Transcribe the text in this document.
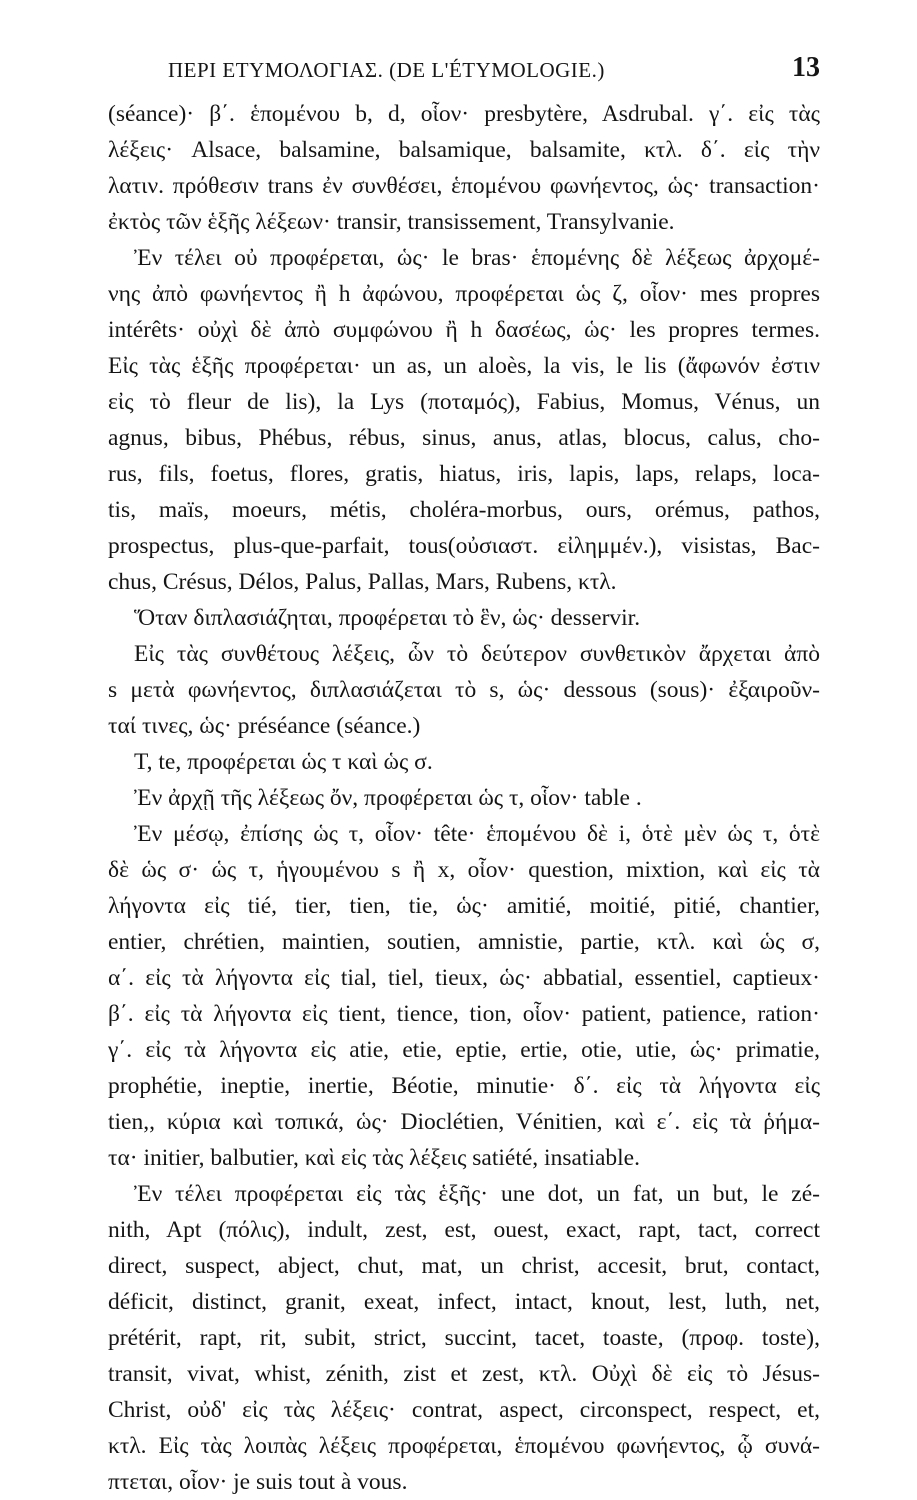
ΠΕΡΙ ΕΤΥΜΟΛΟΓΙΑΣ. (DE L'ÉTYMOLOGIE.)	13
(séance)· β΄. ἑπομένου b, d, οἷον· presbytère, Asdrubal. γ΄. εἰς τὰς
λέξεις· Alsace, balsamine, balsamique, balsamite, κτλ. δ΄. εἰς τὴν
λατιν. πρόθεσιν trans ἐν συνθέσει, ἑπομένου φωνήεντος, ὡς· transaction·
ἐκτὸς τῶν ἑξῆς λέξεων· transir, transissement, Transylvanie.
Ἐν τέλει οὐ προφέρεται, ὡς· le bras· ἑπομένης δὲ λέξεως ἀρχομέ-
νης ἀπὸ φωνήεντος ἢ h ἀφώνου, προφέρεται ὡς ζ, οἷον· mes propres
intérêts· οὐχὶ δὲ ἀπὸ συμφώνου ἢ h δασέως, ὡς· les propres termes.
Εἰς τὰς ἑξῆς προφέρεται· un as, un aloès, la vis, le lis (ἄφωνόν ἐστιν
εἰς τὸ fleur de lis), la Lys (ποταμός), Fabius, Momus, Vénus, un
agnus, bibus, Phébus, rébus, sinus, anus, atlas, blocus, calus, cho-
rus, fils, foetus, flores, gratis, hiatus, iris, lapis, laps, relaps, loca-
tis, maïs, moeurs, métis, choléra-morbus, ours, orémus, pathos,
prospectus, plus-que-parfait, tous(οὐσιαστ. εἰλημμέν.), visistas, Bac-
chus, Crésus, Délos, Palus, Pallas, Mars, Rubens, κτλ.
Ὅταν διπλασιάζηται, προφέρεται τὸ ἓν, ὡς· desservir.
Εἰς τὰς συνθέτους λέξεις, ὧν τὸ δεύτερον συνθετικὸν ἄρχεται ἀπὸ
s μετὰ φωνήεντος, διπλασιάζεται τὸ s, ὡς· dessous (sous)· ἐξαιροῦν-
ταί τινες, ὡς· préséance (séance.)
T, te, προφέρεται ὡς τ καὶ ὡς σ.
Ἐν ἀρχῇ τῆς λέξεως ὄν, προφέρεται ὡς τ, οἷον· table .
Ἐν μέσῳ, ἐπίσης ὡς τ, οἷον· tête· ἑπομένου δὲ i, ὁτὲ μὲν ὡς τ, ὁτὲ
δὲ ὡς σ· ὡς τ, ἡγουμένου s ἢ x, οἷον· question, mixtion, καὶ εἰς τὰ
λήγοντα εἰς tié, tier, tien, tie, ὡς· amitié, moitié, pitié, chantier,
entier, chrétien, maintien, soutien, amnistie, partie, κτλ. καὶ ὡς σ,
α΄. εἰς τὰ λήγοντα εἰς tial, tiel, tieux, ὡς· abbatial, essentiel, captieux·
β΄. εἰς τὰ λήγοντα εἰς tient, tience, tion, οἷον· patient, patience, ration·
γ΄. εἰς τὰ λήγοντα εἰς atie, etie, eptie, ertie, otie, utie, ὡς· primatie,
prophétie, ineptie, inertie, Béotie, minutie· δ΄. εἰς τὰ λήγοντα εἰς
tien,, κύρια καὶ τοπικά, ὡς· Dioclétien, Vénitien, καὶ ε΄. εἰς τὰ ῥήμα-
τα· initier, balbutier, καὶ εἰς τὰς λέξεις satiété, insatiable.
Ἐν τέλει προφέρεται εἰς τὰς ἑξῆς· une dot, un fat, un but, le zé-
nith, Apt (πόλις), indult, zest, est, ouest, exact, rapt, tact, correct
direct, suspect, abject, chut, mat, un christ, accesit, brut, contact,
déficit, distinct, granit, exeat, infect, intact, knout, lest, luth, net,
prétérit, rapt, rit, subit, strict, succint, tacet, toaste, (προφ. toste),
transit, vivat, whist, zénith, zist et zest, κτλ. Οὐχὶ δὲ εἰς τὸ Jésus-
Christ, οὐδ' εἰς τὰς λέξεις· contrat, aspect, circonspect, respect, et,
κτλ. Εἰς τὰς λοιπὰς λέξεις προφέρεται, ἑπομένου φωνήεντος, ᾧ συνά-
πτεται, οἷον· je suis tout à vous.
